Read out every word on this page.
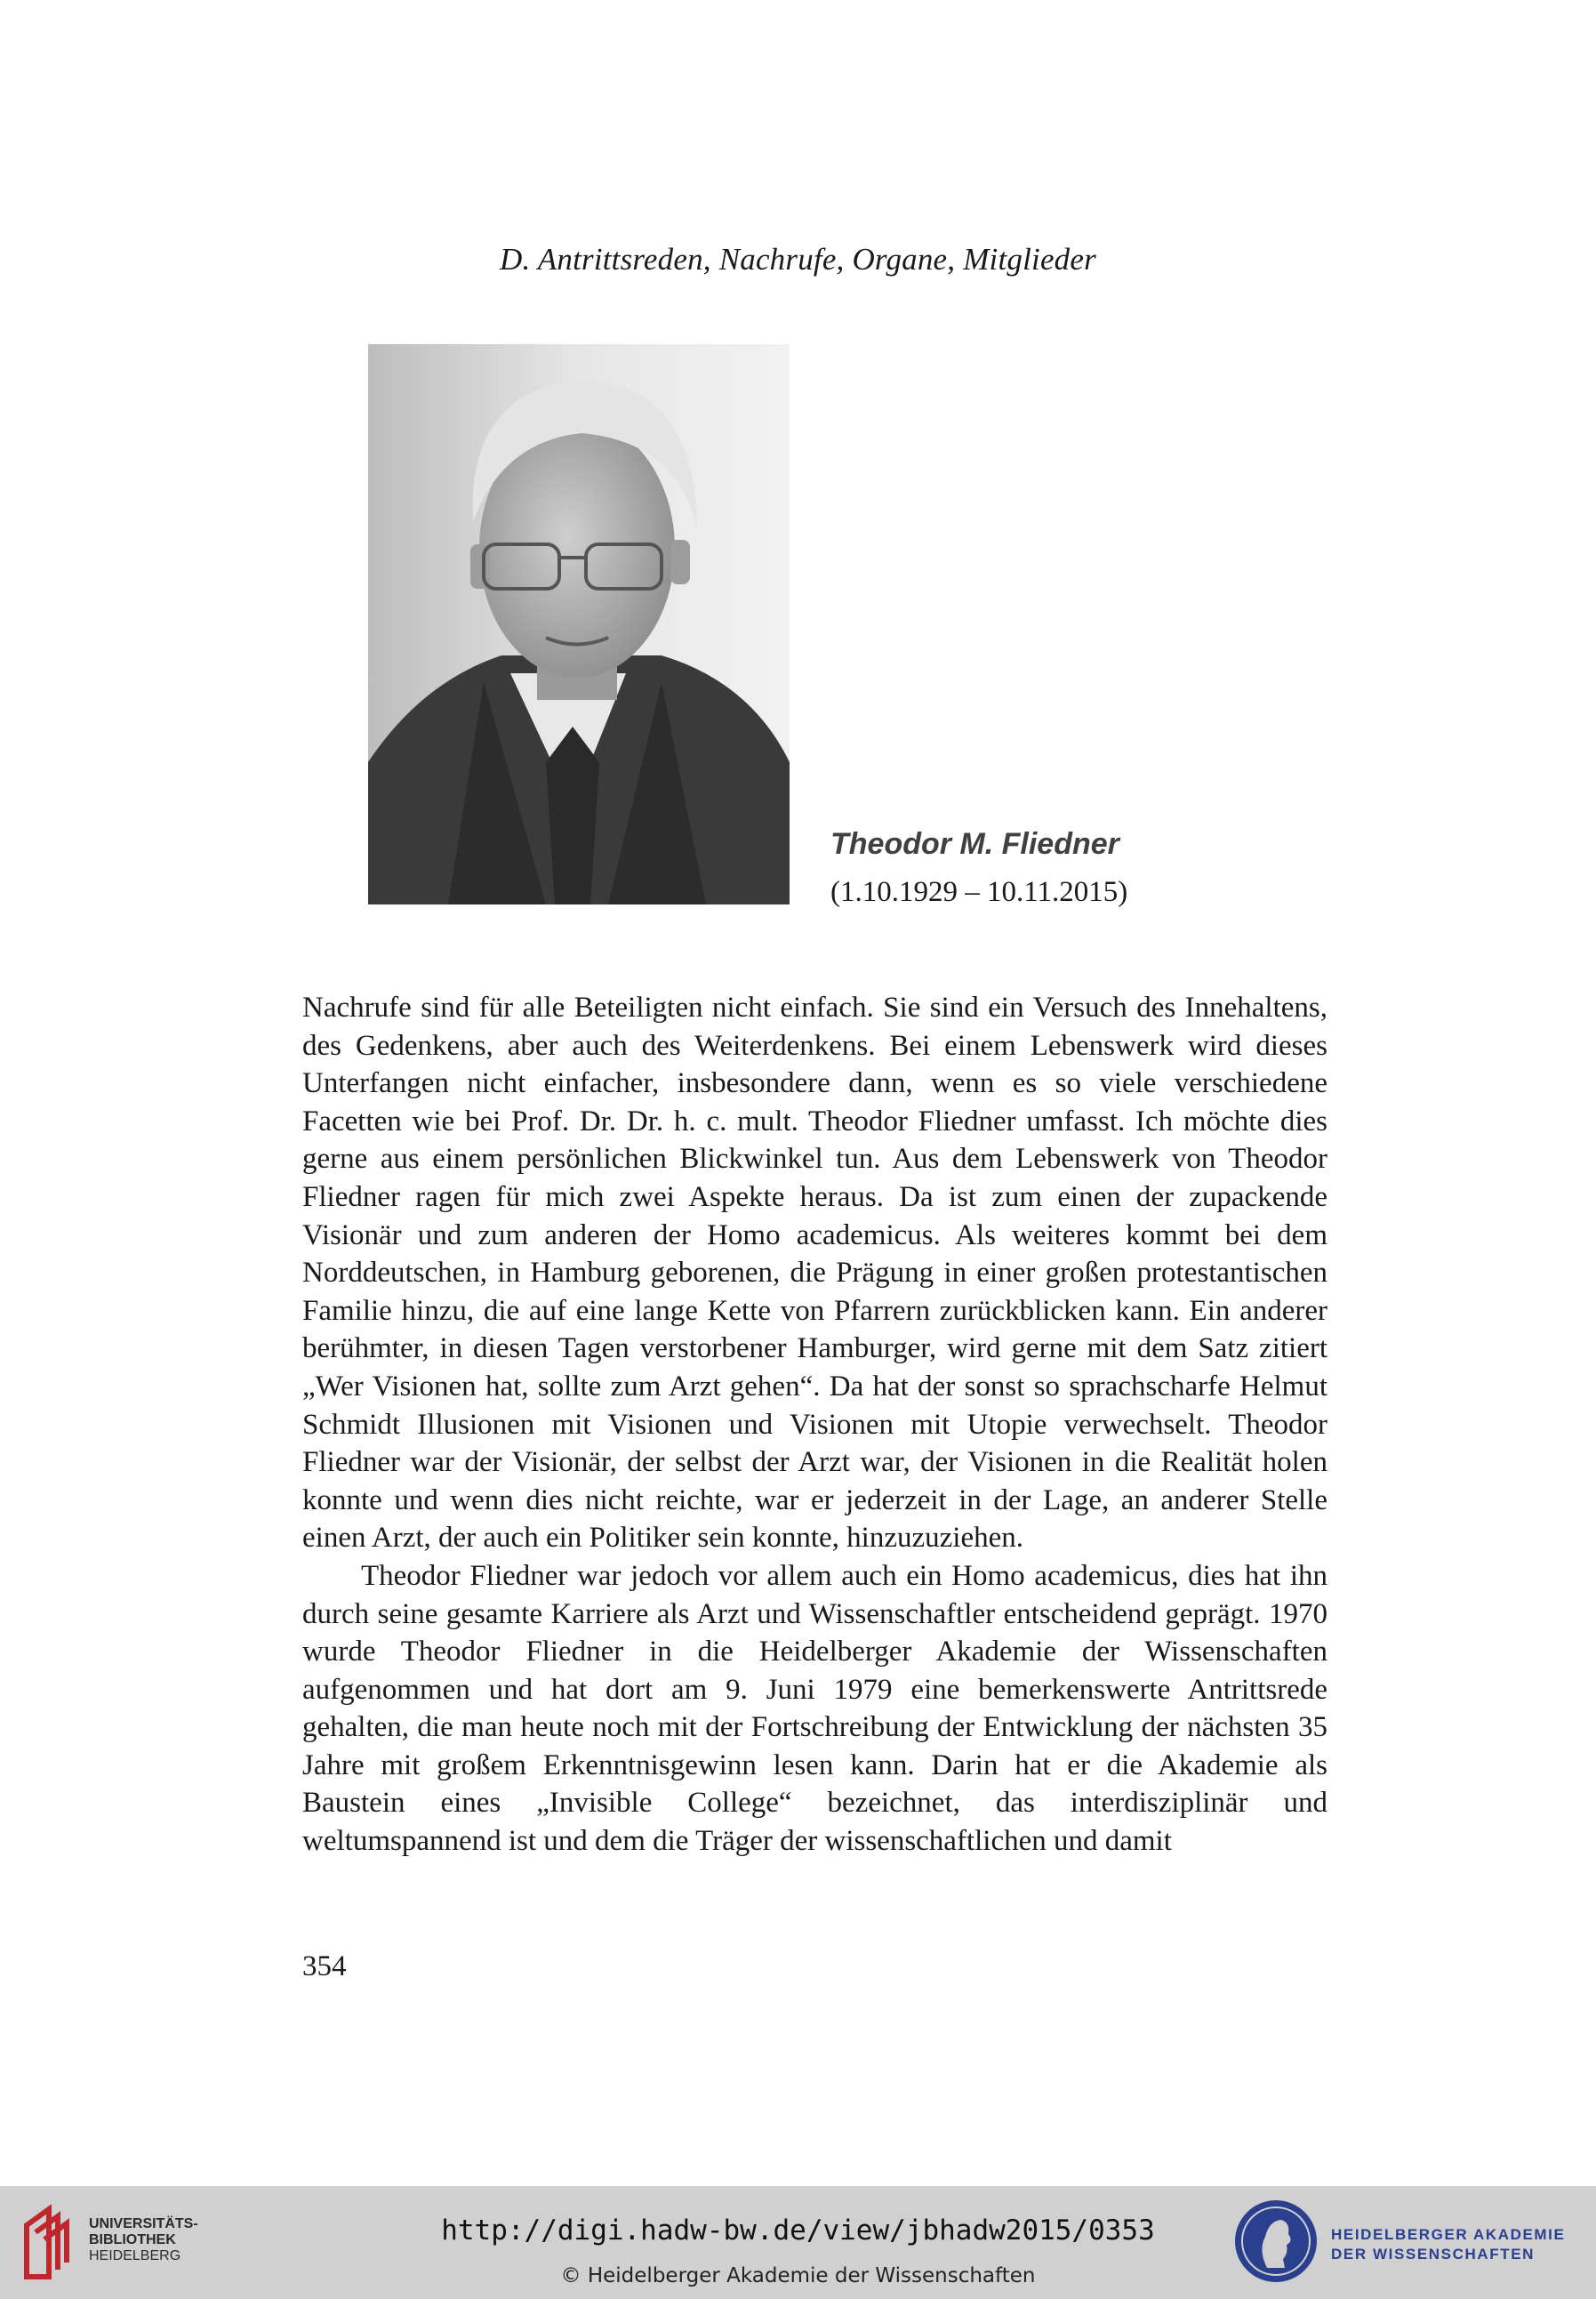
D. Antrittsreden, Nachrufe, Organe, Mitglieder
Theodor M. Fliedner
(1.10.1929 – 10.11.2015)

Nachrufe sind für alle Beteiligten nicht einfach. Sie sind ein Versuch des Innehaltens, des Gedenkens, aber auch des Weiterdenkens. Bei einem Lebenswerk wird dieses Unterfangen nicht einfacher, insbesondere dann, wenn es so viele verschiedene Facetten wie bei Prof. Dr. Dr. h. c. mult. Theodor Fliedner umfasst. Ich möchte dies gerne aus einem persönlichen Blickwinkel tun. Aus dem Lebenswerk von Theodor Fliedner ragen für mich zwei Aspekte heraus. Da ist zum einen der zupackende Visionär und zum anderen der Homo academicus. Als weiteres kommt bei dem Norddeutschen, in Hamburg geborenen, die Prägung in einer großen protestantischen Familie hinzu, die auf eine lange Kette von Pfarrern zurückblicken kann. Ein anderer berühmter, in diesen Tagen verstorbener Hamburger, wird gerne mit dem Satz zitiert „Wer Visionen hat, sollte zum Arzt gehen“. Da hat der sonst so sprachscharfe Helmut Schmidt Illusionen mit Visionen und Visionen mit Utopie verwechselt. Theodor Fliedner war der Visionär, der selbst der Arzt war, der Visionen in die Realität holen konnte und wenn dies nicht reichte, war er jederzeit in der Lage, an anderer Stelle einen Arzt, der auch ein Politiker sein konnte, hinzuzuziehen.

Theodor Fliedner war jedoch vor allem auch ein Homo academicus, dies hat ihn durch seine gesamte Karriere als Arzt und Wissenschaftler entscheidend geprägt. 1970 wurde Theodor Fliedner in die Heidelberger Akademie der Wissenschaften aufgenommen und hat dort am 9. Juni 1979 eine bemerkenswerte Antrittsrede gehalten, die man heute noch mit der Fortschreibung der Entwicklung der nächsten 35 Jahre mit großem Erkenntnisgewinn lesen kann. Darin hat er die Akademie als Baustein eines „Invisible College“ bezeichnet, das interdisziplinär und weltumspannend ist und dem die Träger der wissenschaftlichen und damit

354
UNIVERSITÄTS-
BIBLIOTHEK
HEIDELBERG
http://digi.hadw-bw.de/view/jbhadw2015/0353
© Heidelberger Akademie der Wissenschaften
HEIDELBERGER AKADEMIE
DER WISSENSCHAFTEN
